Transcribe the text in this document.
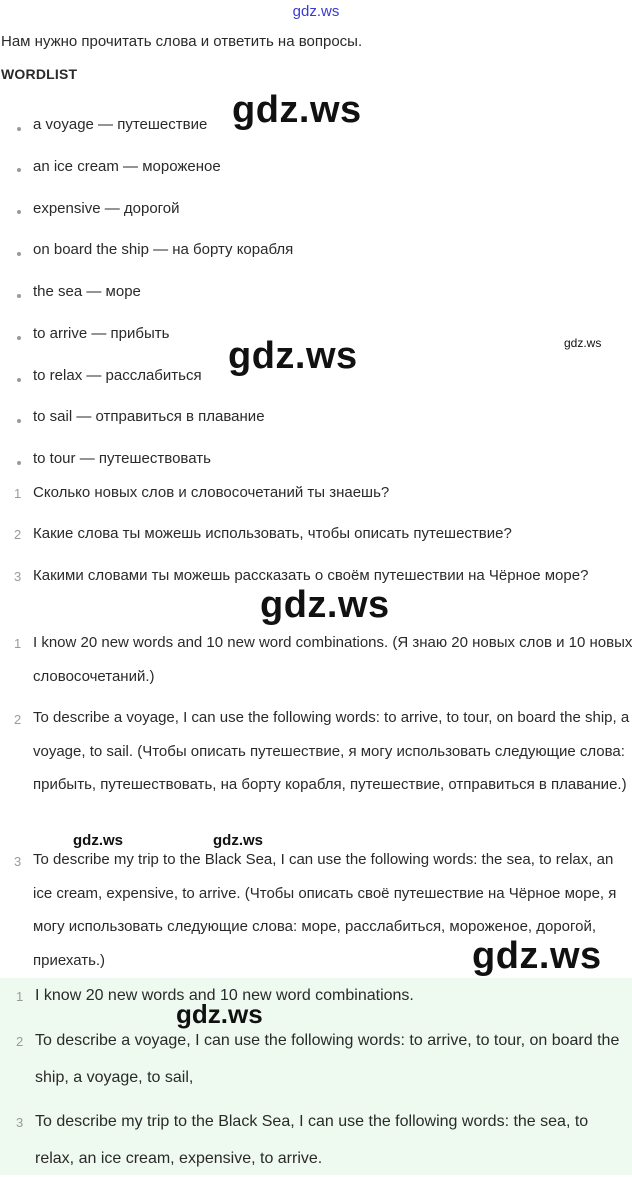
gdz.ws
Нам нужно прочитать слова и ответить на вопросы.
WORDLIST
a voyage — путешествие
an ice cream — мороженое
expensive — дорогой
on board the ship — на борту корабля
the sea — море
to arrive — прибыть
to relax — расслабиться
to sail — отправиться в плавание
to tour — путешествовать
1 Сколько новых слов и словосочетаний ты знаешь?
2 Какие слова ты можешь использовать, чтобы описать путешествие?
3 Какими словами ты можешь рассказать о своём путешествии на Чёрное море?
1 I know 20 new words and 10 new word combinations. (Я знаю 20 новых слов и 10 новых словосочетаний.)
2 To describe a voyage, I can use the following words: to arrive, to tour, on board the ship, a voyage, to sail. (Чтобы описать путешествие, я могу использовать следующие слова: прибыть, путешествовать, на борту корабля, путешествие, отправиться в плавание.)
3 To describe my trip to the Black Sea, I can use the following words: the sea, to relax, an ice cream, expensive, to arrive. (Чтобы описать своё путешествие на Чёрное море, я могу использовать следующие слова: море, расслабиться, мороженое, дорогой, приехать.)
1 I know 20 new words and 10 new word combinations.
2 To describe a voyage, I can use the following words: to arrive, to tour, on board the ship, a voyage, to sail,
3 To describe my trip to the Black Sea, I can use the following words: the sea, to relax, an ice cream, expensive, to arrive.
gdz.ws
gdz.ws	gdz.ws
gdz.ws
gdz.ws	gdz.ws
gdz.ws
gdz.ws
